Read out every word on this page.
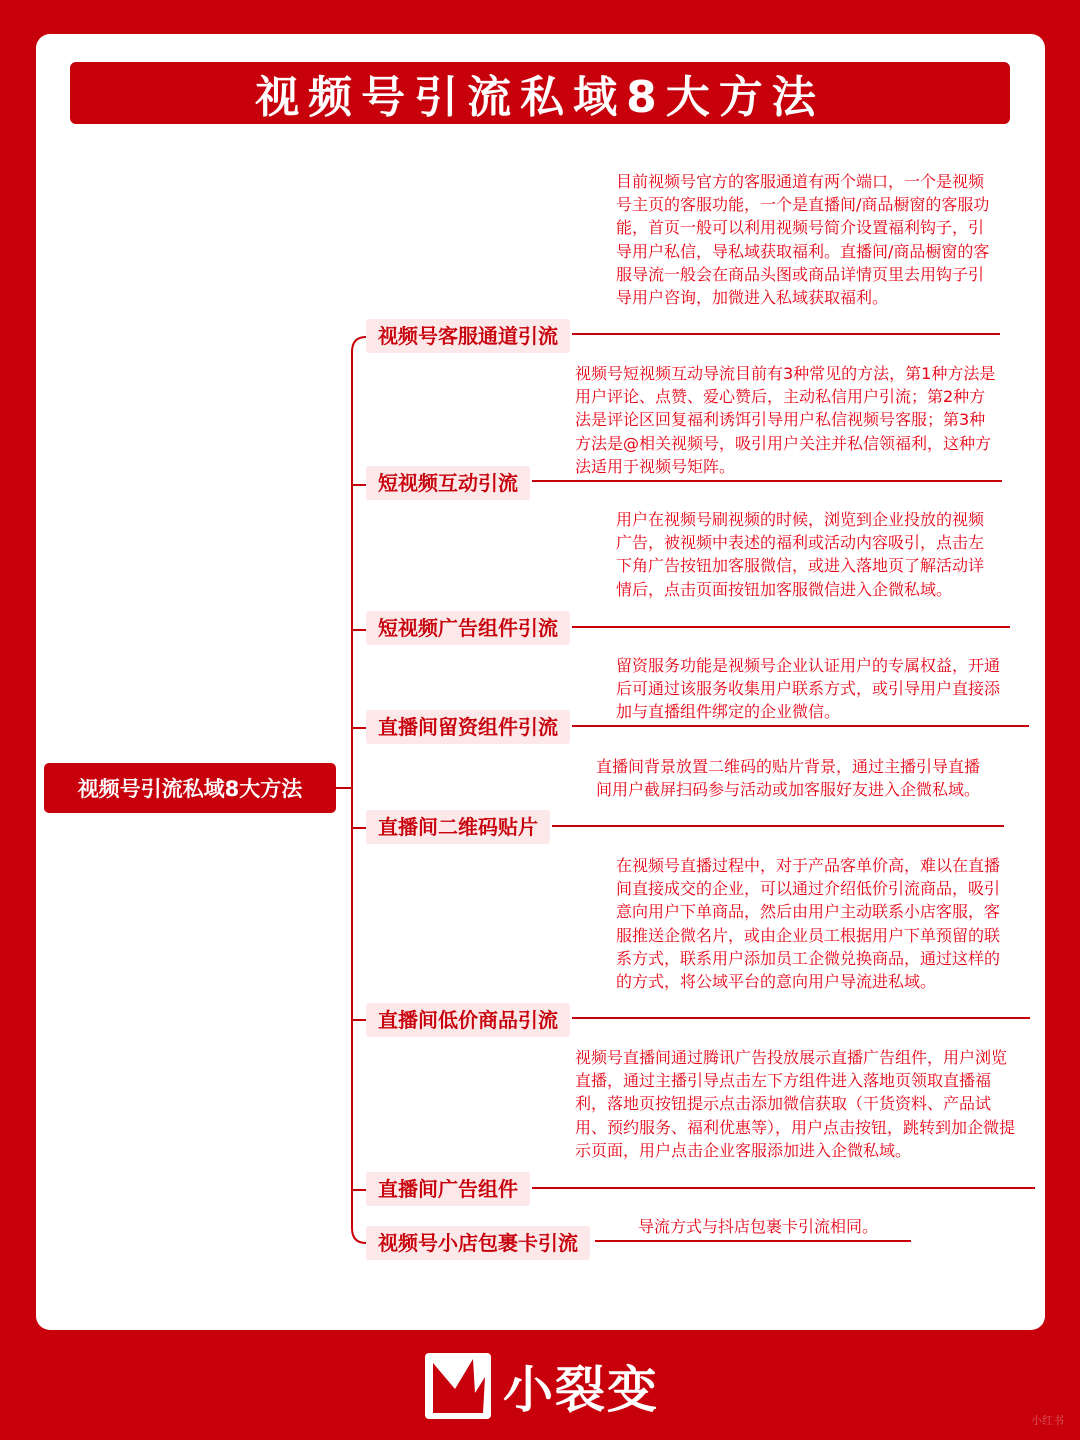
视频号引流私域8大方法
视频号引流私域8大方法
视频号客服通道引流

目前视频号官方的客服通道有两个端口，一个是视频号主页的客服功能，一个是直播间/商品橱窗的客服功能，首页一般可以利用视频号简介设置福利钩子，引导用户私信，导私域获取福利。直播间/商品橱窗的客服导流一般会在商品头图或商品详情页里去用钩子引导用户咨询，加微进入私域获取福利。

短视频互动引流

视频号短视频互动导流目前有3种常见的方法，第1种方法是用户评论、点赞、爱心赞后，主动私信用户引流；第2种方法是评论区回复福利诱饵引导用户私信视频号客服；第3种方法是@相关视频号，吸引用户关注并私信领福利，这种方法适用于视频号矩阵。

短视频广告组件引流

用户在视频号刷视频的时候，浏览到企业投放的视频广告，被视频中表述的福利或活动内容吸引，点击左下角广告按钮加客服微信，或进入落地页了解活动详情后，点击页面按钮加客服微信进入企微私域。

直播间留资组件引流

留资服务功能是视频号企业认证用户的专属权益，开通后可通过该服务收集用户联系方式，或引导用户直接添加与直播组件绑定的企业微信。

直播间二维码贴片

直播间背景放置二维码的贴片背景，通过主播引导直播间用户截屏扫码参与活动或加客服好友进入企微私域。

直播间低价商品引流

在视频号直播过程中，对于产品客单价高，难以在直播间直接成交的企业，可以通过介绍低价引流商品，吸引意向用户下单商品，然后由用户主动联系小店客服，客服推送企微名片，或由企业员工根据用户下单预留的联系方式，联系用户添加员工企微兑换商品，通过这样的的方式，将公域平台的意向用户导流进私域。

直播间广告组件

视频号直播间通过腾讯广告投放展示直播广告组件，用户浏览直播，通过主播引导点击左下方组件进入落地页领取直播福利，落地页按钮提示点击添加微信获取（干货资料、产品试用、预约服务、福利优惠等），用户点击按钮，跳转到加企微提示页面，用户点击企业客服添加进入企微私域。

视频号小店包裹卡引流

导流方式与抖店包裹卡引流相同。

小裂变
小红书
